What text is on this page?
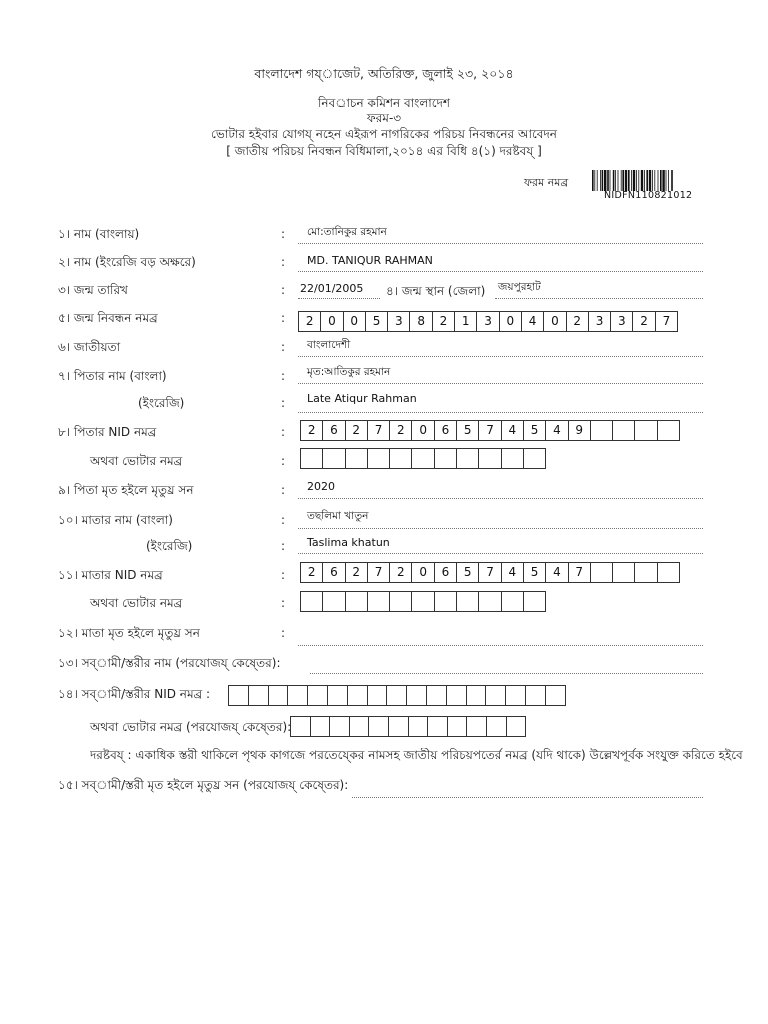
বাংলাদেশ গয্াজেট, অতিরিক্ত, জুলাই ২৩, ২০১৪
নিবর্াচন কমিশন বাংলাদেশ
ফরম-৩
ভোটার হইবার যোগয্ নহেন এইরূপ নাগরিকের পরিচয় নিবন্ধনের আবেদন
[ জাতীয় পরিচয় নিবন্ধন বিধিমালা,২০১৪ এর বিধি ৪(১) দরষ্টবয্ ]
ফরম নমব্র
NIDFN110821012
১। নাম (বাংলায়)	: মো:তানিকুর রহমান
২। নাম (ইংরেজি বড় অক্ষরে)	: MD. TANIQUR RAHMAN
৩। জন্ম তারিখ	: 22/01/2005 ৪। জন্ম স্থান (জেলা) জয়পুরহাট
৫। জন্ম নিবন্ধন নমব্র	:	2	0	0	5	3	8	2	1	3	0	4	0	2	3	3	2	7
৬। জাতীয়তা	: বাংলাদেশী
৭। পিতার নাম (বাংলা)	: মৃত:আতিকুর রহমান
(ইংরেজি)	: Late Atiqur Rahman
৮। পিতার NID নমব্র	:	2	6	2	7	2	0	6	5	7	4	5	4	9
অথবা ভোটার নমব্র	:
৯। পিতা মৃত হইলে মৃতুয্র সন	: 2020
১০। মাতার নাম (বাংলা)	: তছলিমা খাতুন
(ইংরেজি)	: Taslima khatun
১১। মাতার NID নমব্র	:	2	6	2	7	2	0	6	5	7	4	5	4	7
অথবা ভোটার নমব্র	:
১২। মাতা মৃত হইলে মৃতুয্র সন	:
১৩। সব্ামী/স্তরীর নাম (পরযোজয্ কেষ্তের):
১৪। সব্ামী/স্তরীর NID নমব্র :
অথবা ভোটার নমব্র (পরযোজয্ কেষ্তের):
দরষ্টবয্ : একাধিক স্তরী থাকিলে পৃথক কাগজে পরতেয্কের নামসহ জাতীয় পরিচয়পতের্র নমব্র (যদি থাকে) উল্লেখপূর্বক সংযুক্ত করিতে হইবে
১৫। সব্ামী/স্তরী মৃত হইলে মৃতুয্র সন (পরযোজয্ কেষ্তের):
